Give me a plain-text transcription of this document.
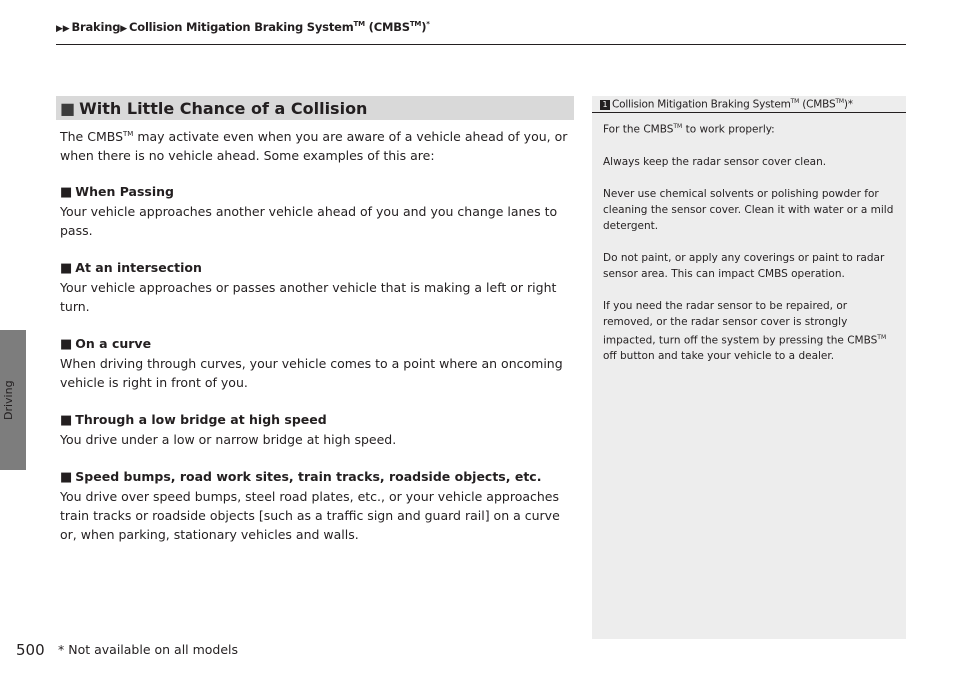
Driving
▶▶ Braking▶ Collision Mitigation Braking System™ (CMBS™)*
■ With Little Chance of a Collision

The CMBS™ may activate even when you are aware of a vehicle ahead of you, or when there is no vehicle ahead. Some examples of this are:

■ When Passing

Your vehicle approaches another vehicle ahead of you and you change lanes to pass.

■ At an intersection

Your vehicle approaches or passes another vehicle that is making a left or right turn.

■ On a curve

When driving through curves, your vehicle comes to a point where an oncoming vehicle is right in front of you.

■ Through a low bridge at high speed

You drive under a low or narrow bridge at high speed.

■ Speed bumps, road work sites, train tracks, roadside objects, etc.

You drive over speed bumps, steel road plates, etc., or your vehicle approaches train tracks or roadside objects [such as a traffic sign and guard rail] on a curve or, when parking, stationary vehicles and walls.

1 Collision Mitigation Braking System™ (CMBS™)*

For the CMBS™ to work properly:

Always keep the radar sensor cover clean.

Never use chemical solvents or polishing powder for cleaning the sensor cover. Clean it with water or a mild detergent.

Do not paint, or apply any coverings or paint to radar sensor area. This can impact CMBS operation.

If you need the radar sensor to be repaired, or removed, or the radar sensor cover is strongly impacted, turn off the system by pressing the CMBS™ off button and take your vehicle to a dealer.

500 * Not available on all models
